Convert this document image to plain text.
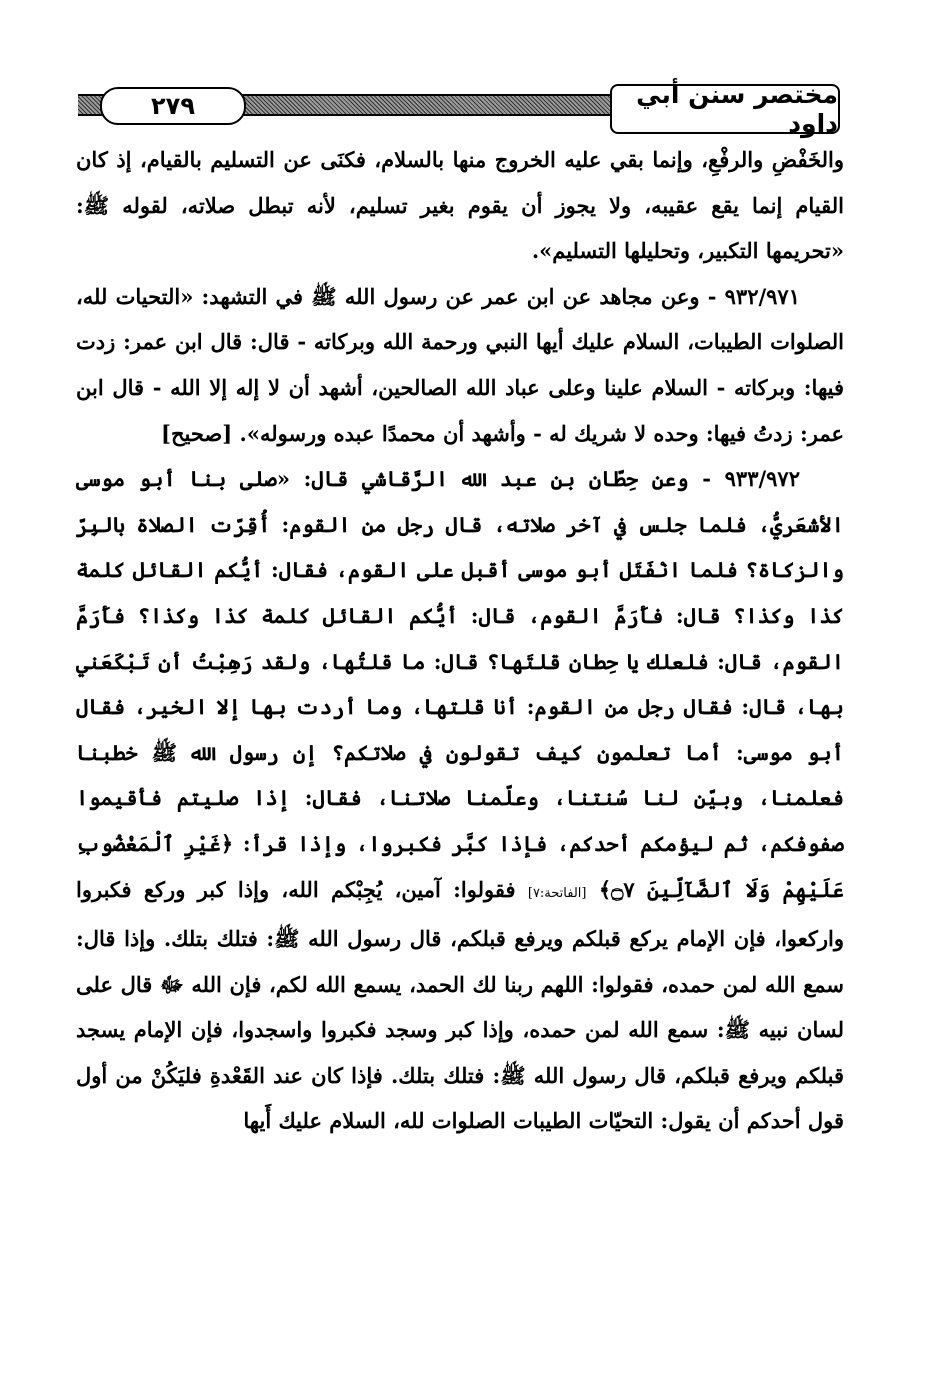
٢٧٩	مختصر سنن أبي داود

والخَفْضِ والرفْعِ، وإنما بقي عليه الخروج منها بالسلام، فكنَى عن التسليم بالقيام، إذ كان القيام إنما يقع عقيبه، ولا يجوز أن يقوم بغير تسليم، لأنه تبطل صلاته، لقوله ﷺ: «تحريمها التكبير، وتحليلها التسليم».

٩٣٢/٩٧١ - وعن مجاهد عن ابن عمر عن رسول الله ﷺ في التشهد: «التحيات لله، الصلوات الطيبات، السلام عليك أيها النبي ورحمة الله وبركاته - قال: قال ابن عمر: زدت فيها: وبركاته - السلام علينا وعلى عباد الله الصالحين، أشهد أن لا إله إلا الله - قال ابن عمر: زدتُ فيها: وحده لا شريك له - وأشهد أن محمدًا عبده ورسوله». [صحيح]

٩٣٣/٩٧٢ - وعن حِطّان بن عبد الله الرَّقاشي قال: «صلى بنا أبو موسى الأشعَريُّ، فلما جلس في آخر صلاته، قال رجل من القوم: أُقِرّت الصلاة بالبِرّ والزكاة؟ فلما انْفَتَل أبو موسى أقبل على القوم، فقال: أيُّكم القائل كلمة كذا وكذا؟ قال: فأَرَمَّ القوم، قال: أيُّكم القائل كلمة كذا وكذا؟ فأَرَمَّ القوم، قال: فلعلك يا حِطان قلتَها؟ قال: ما قلتُها، ولقد رَهِبْتُ أن تَبْكَعَني بها، قال: فقال رجل من القوم: أنا قلتها، وما أردت بها إلا الخير، فقال أبو موسى: أما تعلمون كيف تقولون في صلاتكم؟ إن رسول الله ﷺ خطبنا فعلمنا، وبيّن لنا سُنتنا، وعلّمنا صلاتنا، فقال: إذا صليتم فأقيموا صفوفكم، ثم ليؤمكم أحدكم، فإذا كبَّر فكبروا، وإذا قرأ: ﴿غَيْرِ ٱلْمَغْضُوبِ عَلَيْهِمْ وَلَا ٱلضَّآلِّينَ ۝٧﴾ [الفاتحة:٧] فقولوا: آمين، يُجِبْكم الله، وإذا كبر وركع فكبروا واركعوا، فإن الإمام يركع قبلكم ويرفع قبلكم، قال رسول الله ﷺ: فتلك بتلك. وإذا قال: سمع الله لمن حمده، فقولوا: اللهم ربنا لك الحمد، يسمع الله لكم، فإن الله ﷻ قال على لسان نبيه ﷺ: سمع الله لمن حمده، وإذا كبر وسجد فكبروا واسجدوا، فإن الإمام يسجد قبلكم ويرفع قبلكم، قال رسول الله ﷺ: فتلك بتلك. فإذا كان عند القَعْدةِ فليَكُنْ من أول قول أحدكم أن يقول: التحيّات الطيبات الصلوات لله، السلام عليك أَيها
